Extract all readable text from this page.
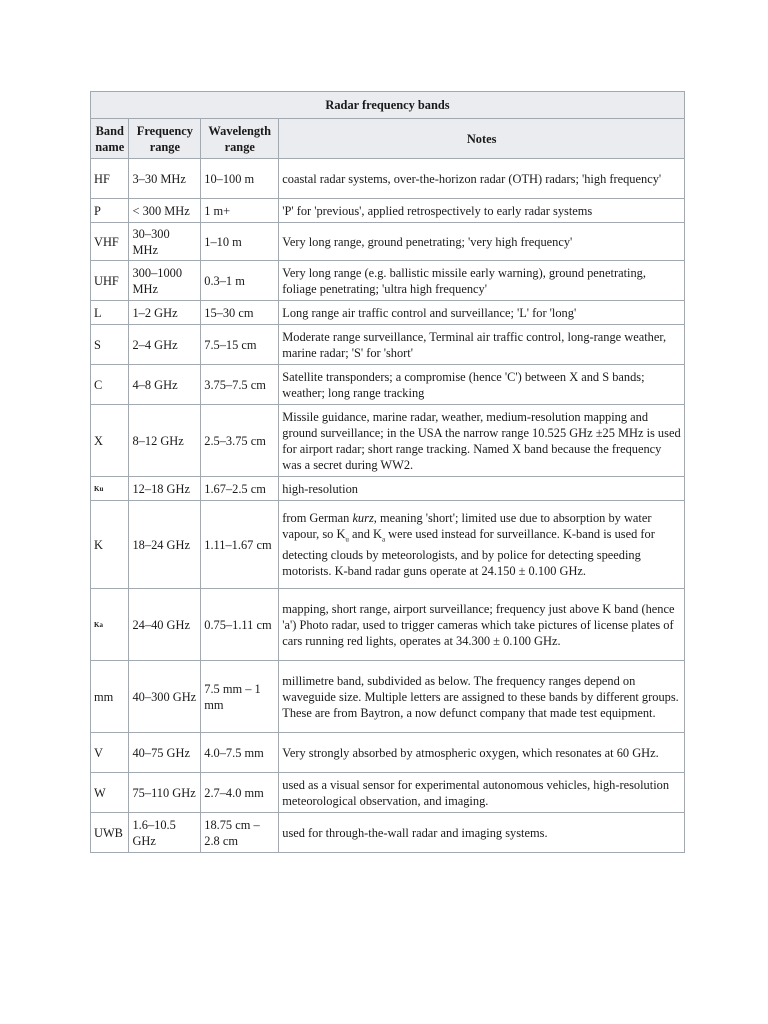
Radar frequency bands			
Band name	Frequency range	Wavelength range	Notes
HF	3–30 MHz	10–100 m	coastal radar systems, over-the-horizon radar (OTH) radars; 'high frequency'
P	< 300 MHz	1 m+	'P' for 'previous', applied retrospectively to early radar systems
VHF	30–300 MHz	1–10 m	Very long range, ground penetrating; 'very high frequency'
UHF	300–1000 MHz	0.3–1 m	Very long range (e.g. ballistic missile early warning), ground penetrating, foliage penetrating; 'ultra high frequency'
L	1–2 GHz	15–30 cm	Long range air traffic control and surveillance; 'L' for 'long'
S	2–4 GHz	7.5–15 cm	Moderate range surveillance, Terminal air traffic control, long-range weather, marine radar; 'S' for 'short'
C	4–8 GHz	3.75–7.5 cm	Satellite transponders; a compromise (hence 'C') between X and S bands; weather; long range tracking
X	8–12 GHz	2.5–3.75 cm	Missile guidance, marine radar, weather, medium-resolution mapping and ground surveillance; in the USA the narrow range 10.525 GHz ±25 MHz is used for airport radar; short range tracking. Named X band because the frequency was a secret during WW2.
Ku	12–18 GHz	1.67–2.5 cm	high-resolution
K	18–24 GHz	1.11–1.67 cm	from German kurz, meaning 'short'; limited use due to absorption by water vapour, so $K_u$ and $K_a$ were used instead for surveillance. K-band is used for detecting clouds by meteorologists, and by police for detecting speeding motorists. K-band radar guns operate at 24.150 ± 0.100 GHz.
Ka	24–40 GHz	0.75–1.11 cm	mapping, short range, airport surveillance; frequency just above K band (hence 'a') Photo radar, used to trigger cameras which take pictures of license plates of cars running red lights, operates at 34.300 ± 0.100 GHz.
mm	40–300 GHz	7.5 mm – 1 mm	millimetre band, subdivided as below. The frequency ranges depend on waveguide size. Multiple letters are assigned to these bands by different groups. These are from Baytron, a now defunct company that made test equipment.
V	40–75 GHz	4.0–7.5 mm	Very strongly absorbed by atmospheric oxygen, which resonates at 60 GHz.
W	75–110 GHz	2.7–4.0 mm	used as a visual sensor for experimental autonomous vehicles, high-resolution meteorological observation, and imaging.
UWB	1.6–10.5 GHz	18.75 cm – 2.8 cm	used for through-the-wall radar and imaging systems.
